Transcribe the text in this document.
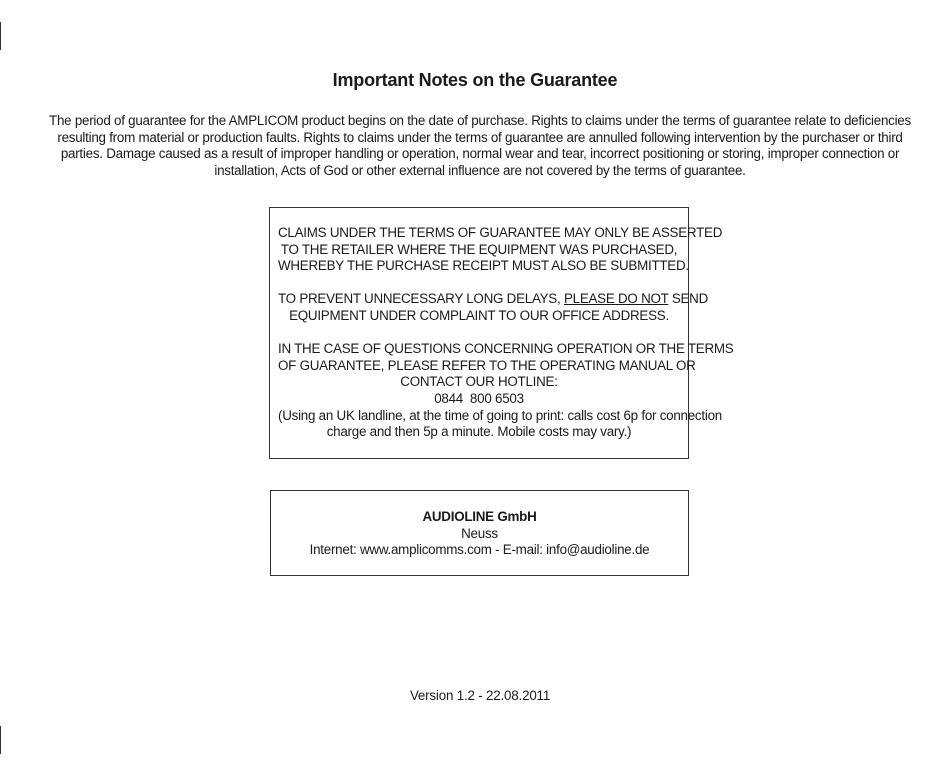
Important Notes on the Guarantee
The period of guarantee for the AMPLICOM product begins on the date of purchase. Rights to claims under the terms of guarantee relate to deficiencies resulting from material or production faults. Rights to claims under the terms of guarantee are annulled following intervention by the purchaser or third parties. Damage caused as a result of improper handling or operation, normal wear and tear, incorrect positioning or storing, improper connection or installation, Acts of God or other external influence are not covered by the terms of guarantee.
CLAIMS UNDER THE TERMS OF GUARANTEE MAY ONLY BE ASSERTED
TO THE RETAILER WHERE THE EQUIPMENT WAS PURCHASED,
WHEREBY THE PURCHASE RECEIPT MUST ALSO BE SUBMITTED.
TO PREVENT UNNECESSARY LONG DELAYS, PLEASE DO NOT SEND
EQUIPMENT UNDER COMPLAINT TO OUR OFFICE ADDRESS.
IN THE CASE OF QUESTIONS CONCERNING OPERATION OR THE TERMS
OF GUARANTEE, PLEASE REFER TO THE OPERATING MANUAL OR
CONTACT OUR HOTLINE:
0844  800 6503
(Using an UK landline, at the time of going to print: calls cost 6p for connection
charge and then 5p a minute. Mobile costs may vary.)
AUDIOLINE GmbH
Neuss
Internet: www.amplicomms.com - E-mail: info@audioline.de
Version 1.2 - 22.08.2011
